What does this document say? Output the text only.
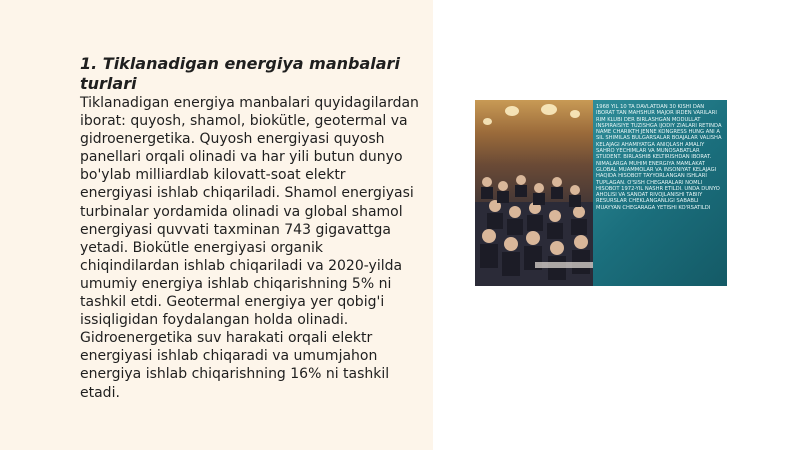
1. Tiklanadigan energiya manbalari turlari

Tiklanadigan energiya manbalari quyidagilardan iborat: quyosh, shamol, biokütle, geotermal va gidroenergetika. Quyosh energiyasi quyosh panellari orqali olinadi va har yili butun dunyo bo'ylab milliardlab kilovatt-soat elektr energiyasi ishlab chiqariladi. Shamol energiyasi turbinalar yordamida olinadi va global shamol energiyasi quvvati taxminan 743 gigavattga yetadi. Biokütle energiyasi organik chiqindilardan ishlab chiqariladi va 2020-yilda umumiy energiya ishlab chiqarishning 5% ni tashkil etdi. Geotermal energiya yer qobig'i issiqligidan foydalangan holda olinadi. Gidroenergetika suv harakati orqali elektr energiyasi ishlab chiqaradi va umumjahon energiya ishlab chiqarishning 16% ni tashkil etadi.

1968 YIL 10 TA DAVLATDAN 30 KISHI DAN IBORAT TAN MAHSHUR MAJOR IRDEN VARILARI RIM KLUBI DER BIRLASHGAN MODULLAT INSPIRAISIYE TUZISHGA IJODIY ZIALARI RETINDA NAME CHARIKTH JENNE KONGRESS HUNG ANI A SIL SHIMILAS BULGARSALAR BOAJALAR VALISHA KELAJAGI AHAMIYATGA ANIQLASH AMALIY SAHRO YECHIMLAR VA MUNOSABATLAR STUDENT. BIRLASHIB KELTIRISHDAN IBORAT. NIMALARGA MUHIM ENERGIYA MAMLAKAT GLOBAL MUAMMOLAR VA INSONIYAT KELAJAGI HAQIDA HISOBOT TAYYORLANGAN ISHLARI TUPLAGAN. O'SISH CHEGARALARI NOMLI HISOBOT 1972-YIL NASHR ETILDI. UNDA DUNYO AHOLISI VA SANOAT RIVOJLANISHI TABIIY RESURSLAR CHEKLANGANLIGI SABABLI MUAYYAN CHEGARAGA YETISHI KO'RSATILDI
